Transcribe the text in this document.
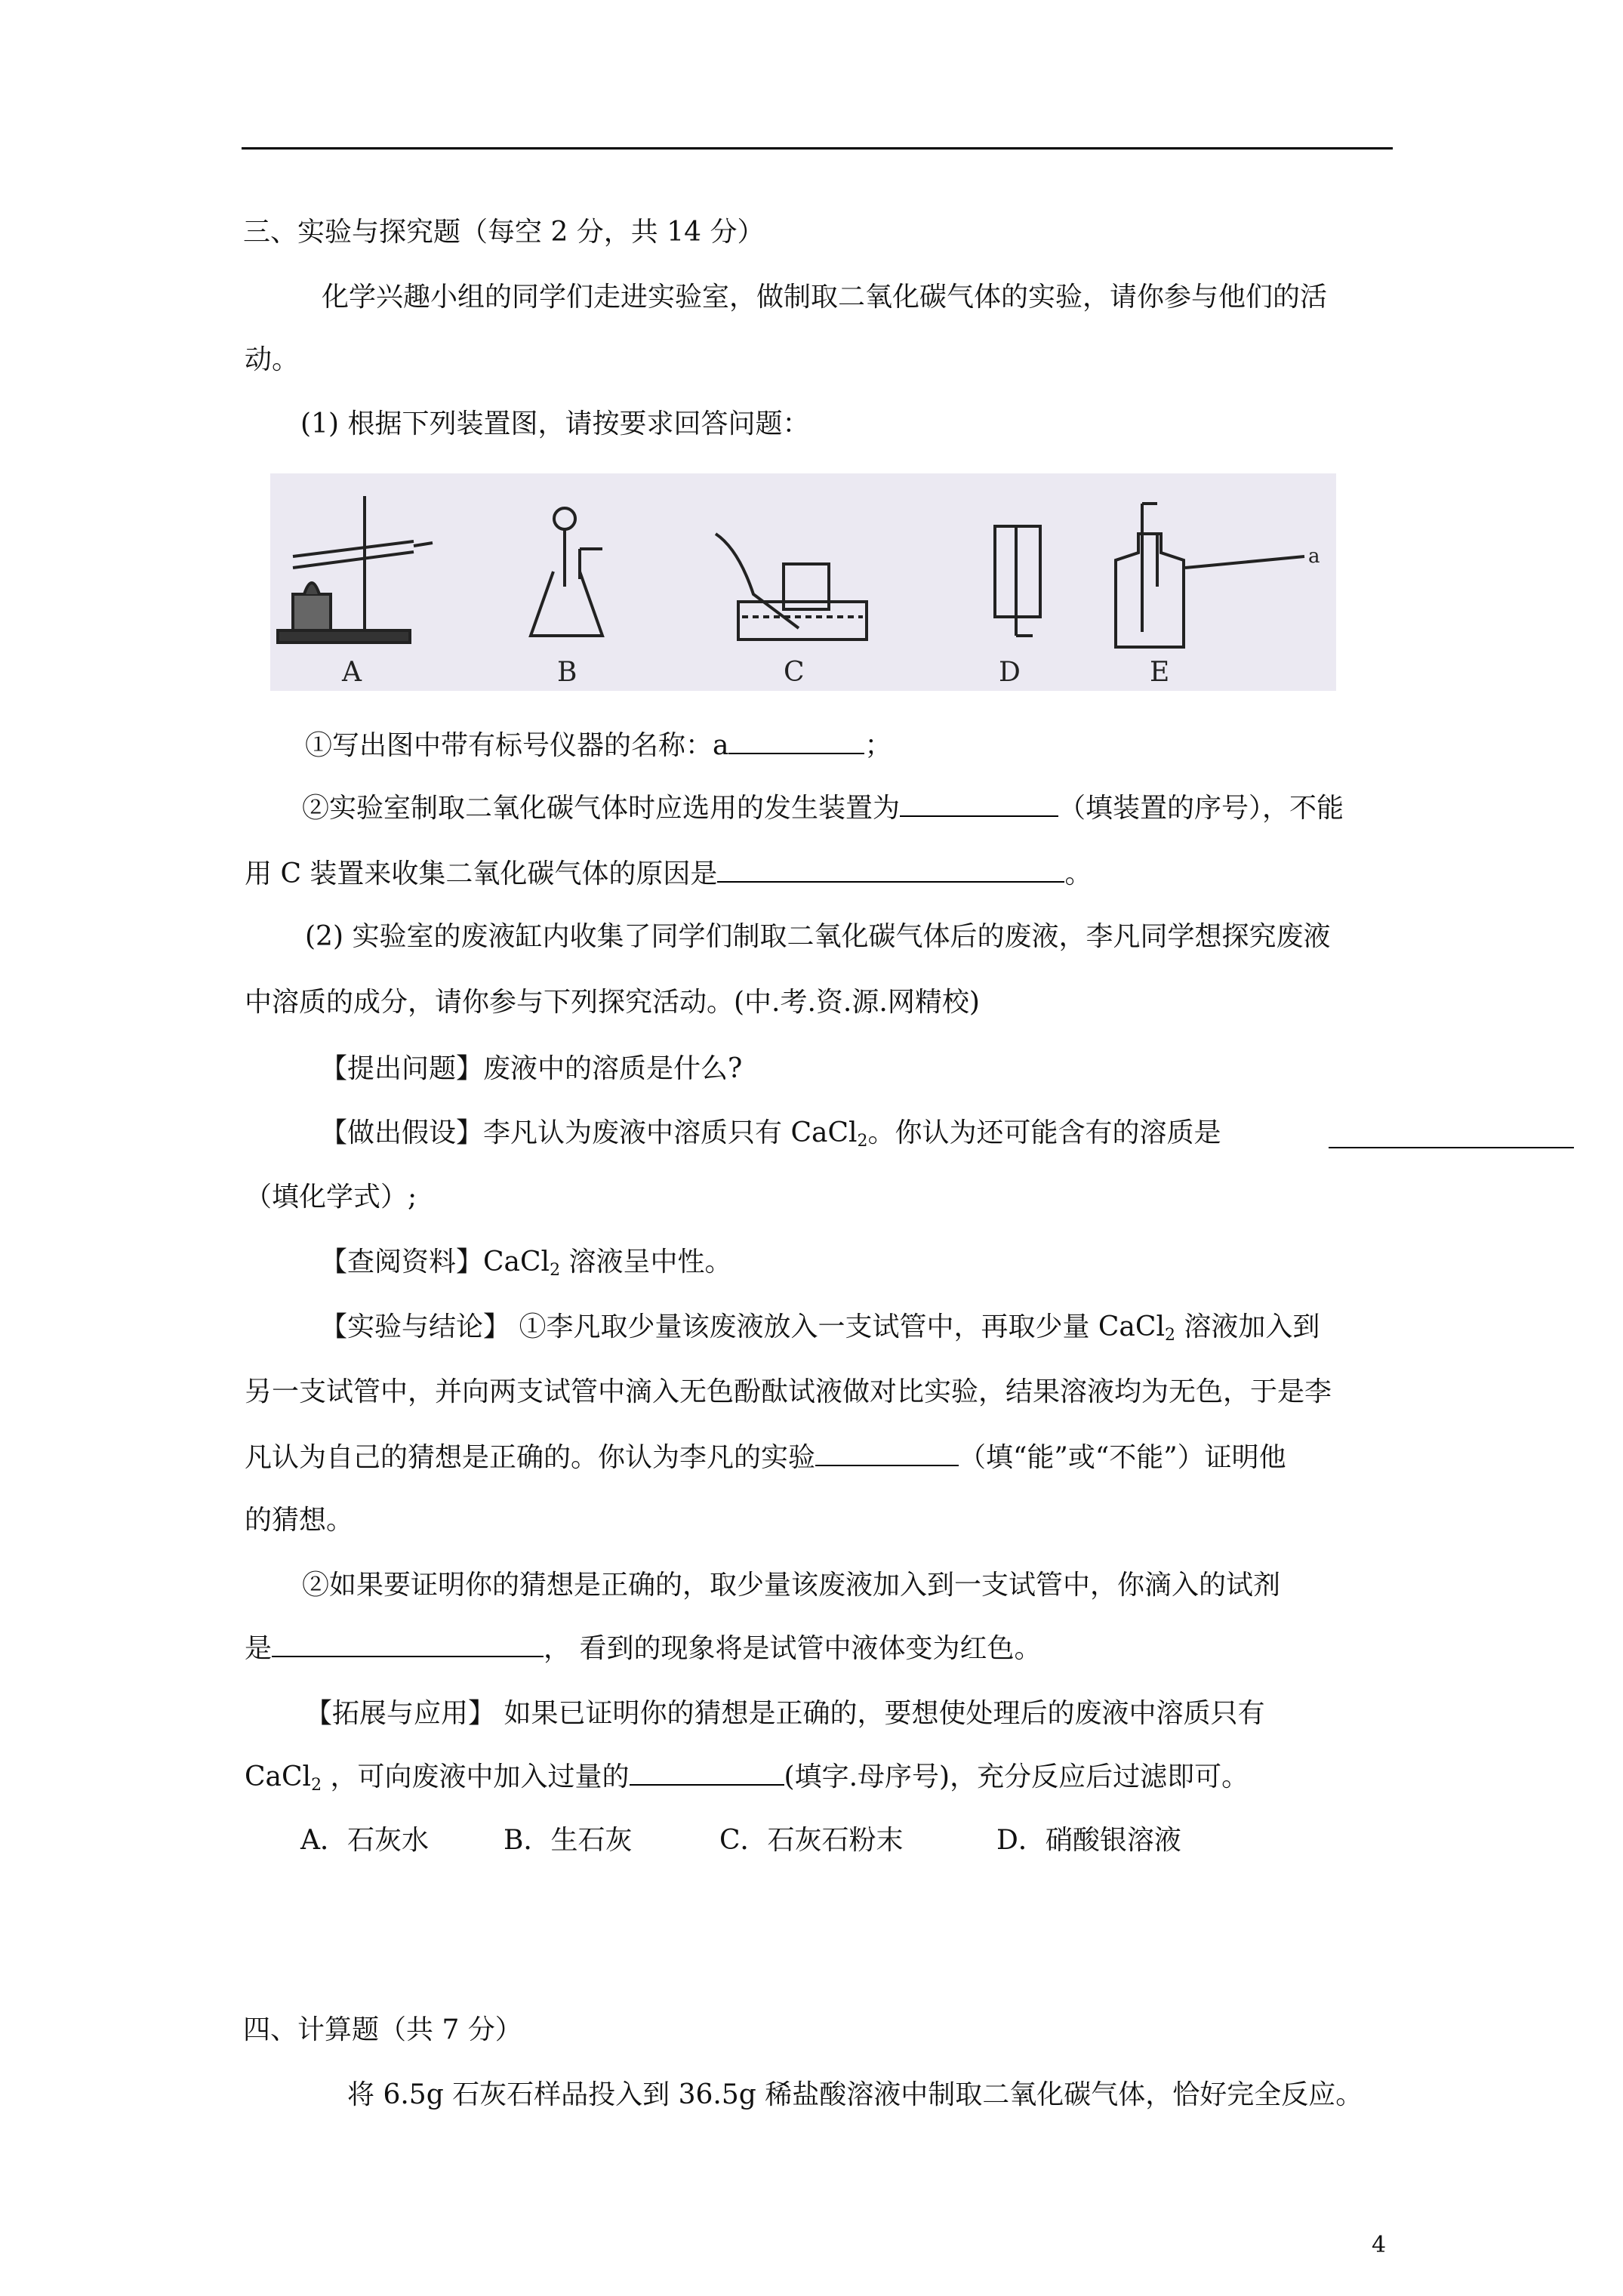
三、实验与探究题（每空 2 分，共 14 分）
化学兴趣小组的同学们走进实验室，做制取二氧化碳气体的实验，请你参与他们的活
动。
(1) 根据下列装置图，请按要求回答问题：
A	B	C	D	E
a
①写出图中带有标号仪器的名称：a	；
②实验室制取二氧化碳气体时应选用的发生装置为	（填装置的序号），不能
用 C 装置来收集二氧化碳气体的原因是	。
(2) 实验室的废液缸内收集了同学们制取二氧化碳气体后的废液，李凡同学想探究废液
中溶质的成分，请你参与下列探究活动。(中.考.资.源.网精校)
【提出问题】废液中的溶质是什么?
【做出假设】李凡认为废液中溶质只有 CaCl$_2$。你认为还可能含有的溶质是
（填化学式）;
【查阅资料】CaCl$_2$ 溶液呈中性。
【实验与结论】 ①李凡取少量该废液放入一支试管中，再取少量 CaCl$_2$ 溶液加入到
另一支试管中，并向两支试管中滴入无色酚酞试液做对比实验，结果溶液均为无色，于是李
凡认为自己的猜想是正确的。你认为李凡的实验	（填“能”或“不能”）证明他
的猜想。
②如果要证明你的猜想是正确的，取少量该废液加入到一支试管中，你滴入的试剂
是	， 看到的现象将是试管中液体变为红色。
【拓展与应用】 如果已证明你的猜想是正确的，要想使处理后的废液中溶质只有
CaCl$_2$ ，可向废液中加入过量的	(填字.母序号)，充分反应后过滤即可。
A．石灰水	B．生石灰	C．石灰石粉末	D．硝酸银溶液
四、计算题（共 7 分）
将 6.5g 石灰石样品投入到 36.5g 稀盐酸溶液中制取二氧化碳气体，恰好完全反应。
4
